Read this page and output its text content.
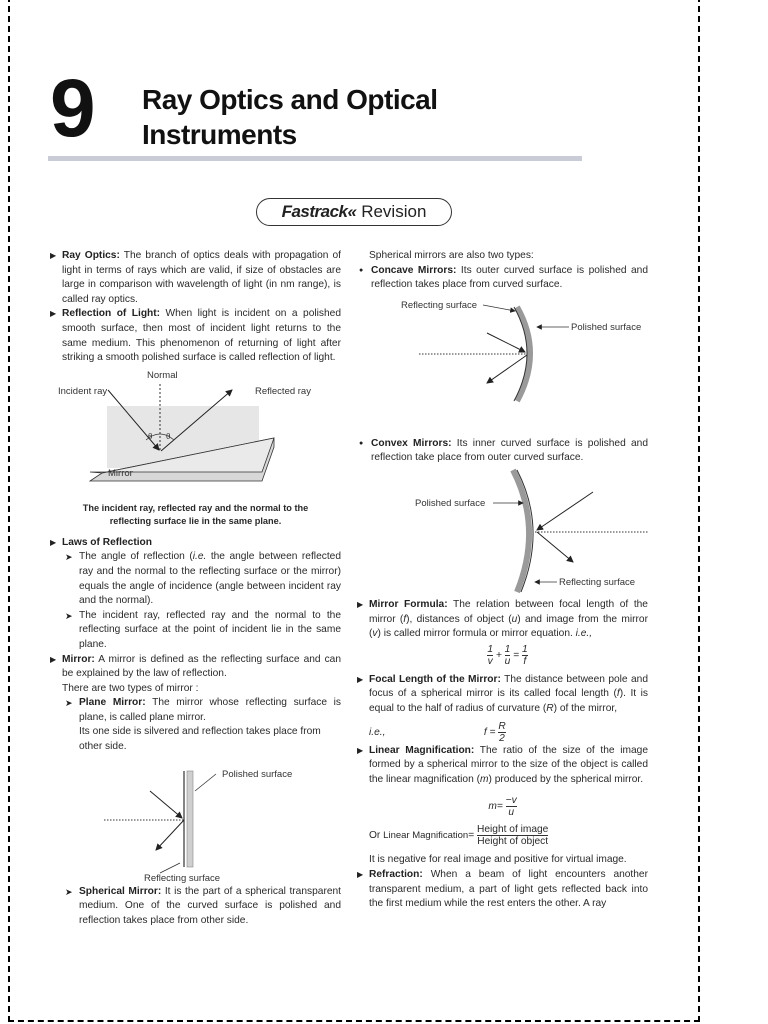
9 Ray Optics and Optical
Instruments
Fastrack« Revision

▶ Ray Optics: The branch of optics deals with propagation of light in terms of rays which are valid, if size of obstacles are large in comparison with wavelength of light (in nm range), is called ray optics.

▶ Reflection of Light: When light is incident on a polished smooth surface, then most of incident light returns to the same medium. This phenomenon of returning of light after striking a smooth polished surface is called reflection of light.

Incident ray
Normal
Reflected ray
θ θ
Mirror

The incident ray, reflected ray and the normal to the reflecting surface lie in the same plane.

▶ Laws of Reflection

➤ The angle of reflection (i.e. the angle between reflected ray and the normal to the reflecting surface or the mirror) equals the angle of incidence (angle between incident ray and the normal).

➤ The incident ray, reflected ray and the normal to the reflecting surface at the point of incident lie in the same plane.

▶ Mirror: A mirror is defined as the reflecting surface and can be explained by the law of reflection.

There are two types of mirror :

➤ Plane Mirror: The mirror whose reflecting surface is plane, is called plane mirror.

Its one side is silvered and reflection takes place from other side.

Polished surface
Reflecting surface

➤ Spherical Mirror: It is the part of a spherical transparent medium. One of the curved surface is polished and reflection takes place from other side.

Spherical mirrors are also two types:

● Concave Mirrors: Its outer curved surface is polished and reflection takes place from curved surface.

Reflecting surface
Polished surface

● Convex Mirrors: Its inner curved surface is polished and reflection take place from outer curved surface.

Polished surface
Reflecting surface

▶ Mirror Formula: The relation between focal length of the mirror (f), distances of object (u) and image from the mirror (v) is called mirror formula or mirror equation. i.e.,

$\frac{1}{v} + \frac{1}{u} = \frac{1}{f}$

▶ Focal Length of the Mirror: The distance between pole and focus of a spherical mirror is its called focal length (f). It is equal to the half of radius of curvature (R) of the mirror,

i.e.,	$f = \frac{R}{2}$

▶ Linear Magnification: The ratio of the size of the image formed by a spherical mirror to the size of the object is called the linear magnification (m) produced by the spherical mirror.

$m= \frac{-v}{u}$
Or Linear Magnification= $\frac{\text{Height of image}}{\text{Height of object}}$

It is negative for real image and positive for virtual image.

▶ Refraction: When a beam of light encounters another transparent medium, a part of light gets reflected back into the first medium while the rest enters the other. A ray
